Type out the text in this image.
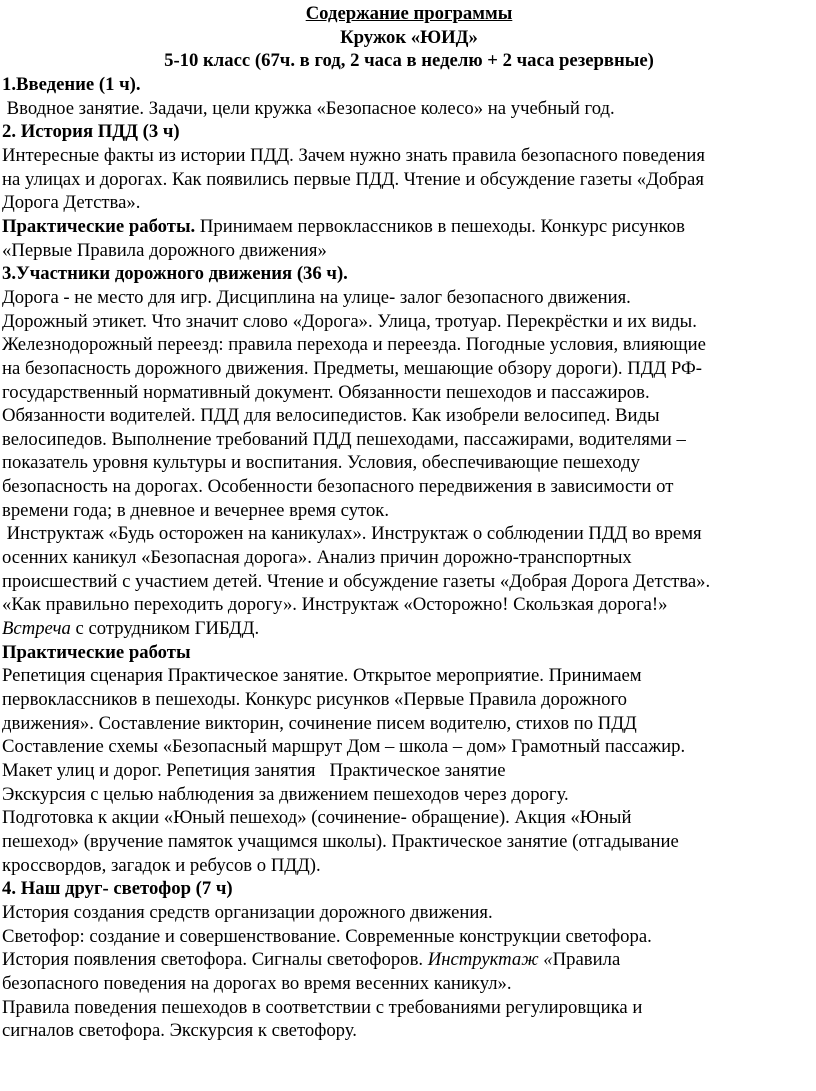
Содержание программы
Кружок «ЮИД»
5-10 класс (67ч. в год, 2 часа в неделю + 2 часа резервные)
1.Введение (1 ч).
Вводное занятие. Задачи, цели кружка «Безопасное колесо» на учебный год.
2. История ПДД (3 ч)
Интересные факты из истории ПДД. Зачем нужно знать правила безопасного поведения
на улицах и дорогах. Как появились первые ПДД. Чтение и обсуждение газеты «Добрая
Дорога Детства».
Практические работы. Принимаем первоклассников в пешеходы. Конкурс рисунков
«Первые Правила дорожного движения»
3.Участники дорожного движения (36 ч).
Дорога - не место для игр. Дисциплина на улице- залог безопасного движения.
Дорожный этикет. Что значит слово «Дорога». Улица, тротуар. Перекрёстки и их виды.
Железнодорожный переезд: правила перехода и переезда. Погодные условия, влияющие
на безопасность дорожного движения. Предметы, мешающие обзору дороги). ПДД РФ-
государственный нормативный документ. Обязанности пешеходов и пассажиров.
Обязанности водителей. ПДД для велосипедистов. Как изобрели велосипед. Виды
велосипедов. Выполнение требований ПДД пешеходами, пассажирами, водителями –
показатель уровня культуры и воспитания. Условия, обеспечивающие пешеходу
безопасность на дорогах. Особенности безопасного передвижения в зависимости от
времени года; в дневное и вечернее время суток.
Инструктаж «Будь осторожен на каникулах». Инструктаж о соблюдении ПДД во время
осенних каникул «Безопасная дорога». Анализ причин дорожно-транспортных
происшествий с участием детей. Чтение и обсуждение газеты «Добрая Дорога Детства».
«Как правильно переходить дорогу». Инструктаж «Осторожно! Скользкая дорога!»
Встреча с сотрудником ГИБДД.
Практические работы
Репетиция сценария Практическое занятие. Открытое мероприятие. Принимаем
первоклассников в пешеходы. Конкурс рисунков «Первые Правила дорожного
движения». Составление викторин, сочинение писем водителю, стихов по ПДД
Составление схемы «Безопасный маршрут Дом – школа – дом» Грамотный пассажир.
Макет улиц и дорог. Репетиция занятия   Практическое занятие
Экскурсия с целью наблюдения за движением пешеходов через дорогу.
Подготовка к акции «Юный пешеход» (сочинение- обращение). Акция «Юный
пешеход» (вручение памяток учащимся школы). Практическое занятие (отгадывание
кроссвордов, загадок и ребусов о ПДД).
4. Наш друг- светофор (7 ч)
История создания средств организации дорожного движения.
Светофор: создание и совершенствование. Современные конструкции светофора.
История появления светофора. Сигналы светофоров. Инструктаж «Правила
безопасного поведения на дорогах во время весенних каникул».
Правила поведения пешеходов в соответствии с требованиями регулировщика и
сигналов светофора. Экскурсия к светофору.
